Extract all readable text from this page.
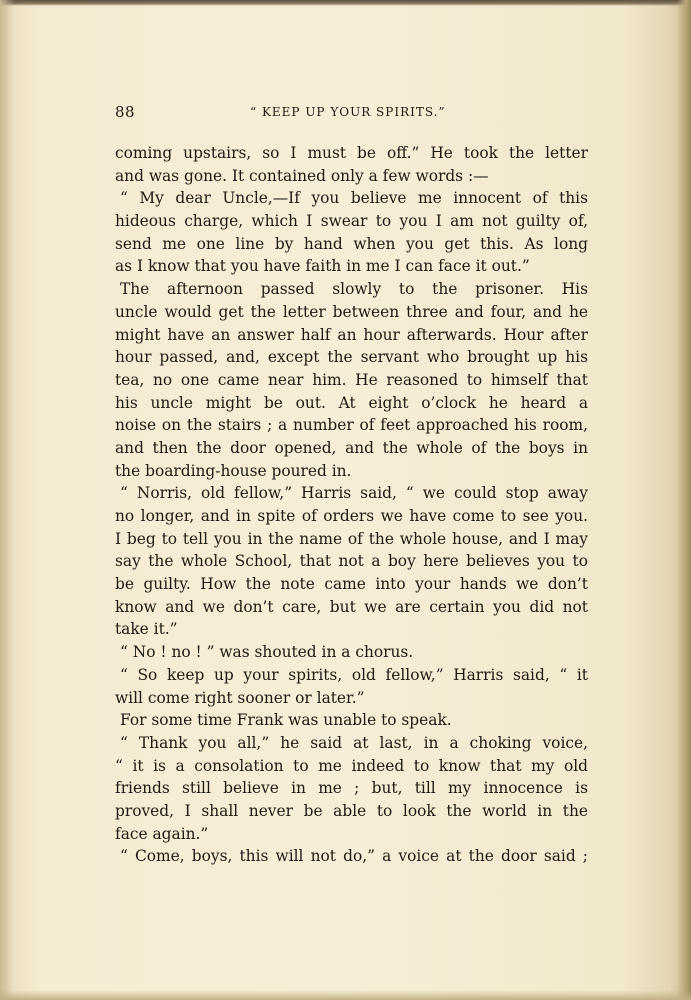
88	“ KEEP UP YOUR SPIRITS.”
coming upstairs, so I must be off.” He took the letter
and was gone. It contained only a few words :—
“ My dear Uncle,—If you believe me innocent of this
hideous charge, which I swear to you I am not guilty of,
send me one line by hand when you get this. As long
as I know that you have faith in me I can face it out.”
The afternoon passed slowly to the prisoner. His
uncle would get the letter between three and four, and he
might have an answer half an hour afterwards. Hour after
hour passed, and, except the servant who brought up his
tea, no one came near him. He reasoned to himself that
his uncle might be out. At eight o’clock he heard a
noise on the stairs ; a number of feet approached his room,
and then the door opened, and the whole of the boys in
the boarding-house poured in.
“ Norris, old fellow,” Harris said, “ we could stop away
no longer, and in spite of orders we have come to see you.
I beg to tell you in the name of the whole house, and I may
say the whole School, that not a boy here believes you to
be guilty. How the note came into your hands we don’t
know and we don’t care, but we are certain you did not
take it.”
“ No ! no ! ” was shouted in a chorus.
“ So keep up your spirits, old fellow,” Harris said, “ it
will come right sooner or later.”
For some time Frank was unable to speak.
“ Thank you all,” he said at last, in a choking voice,
“ it is a consolation to me indeed to know that my old
friends still believe in me ; but, till my innocence is
proved, I shall never be able to look the world in the
face again.”
“ Come, boys, this will not do,” a voice at the door said ;
